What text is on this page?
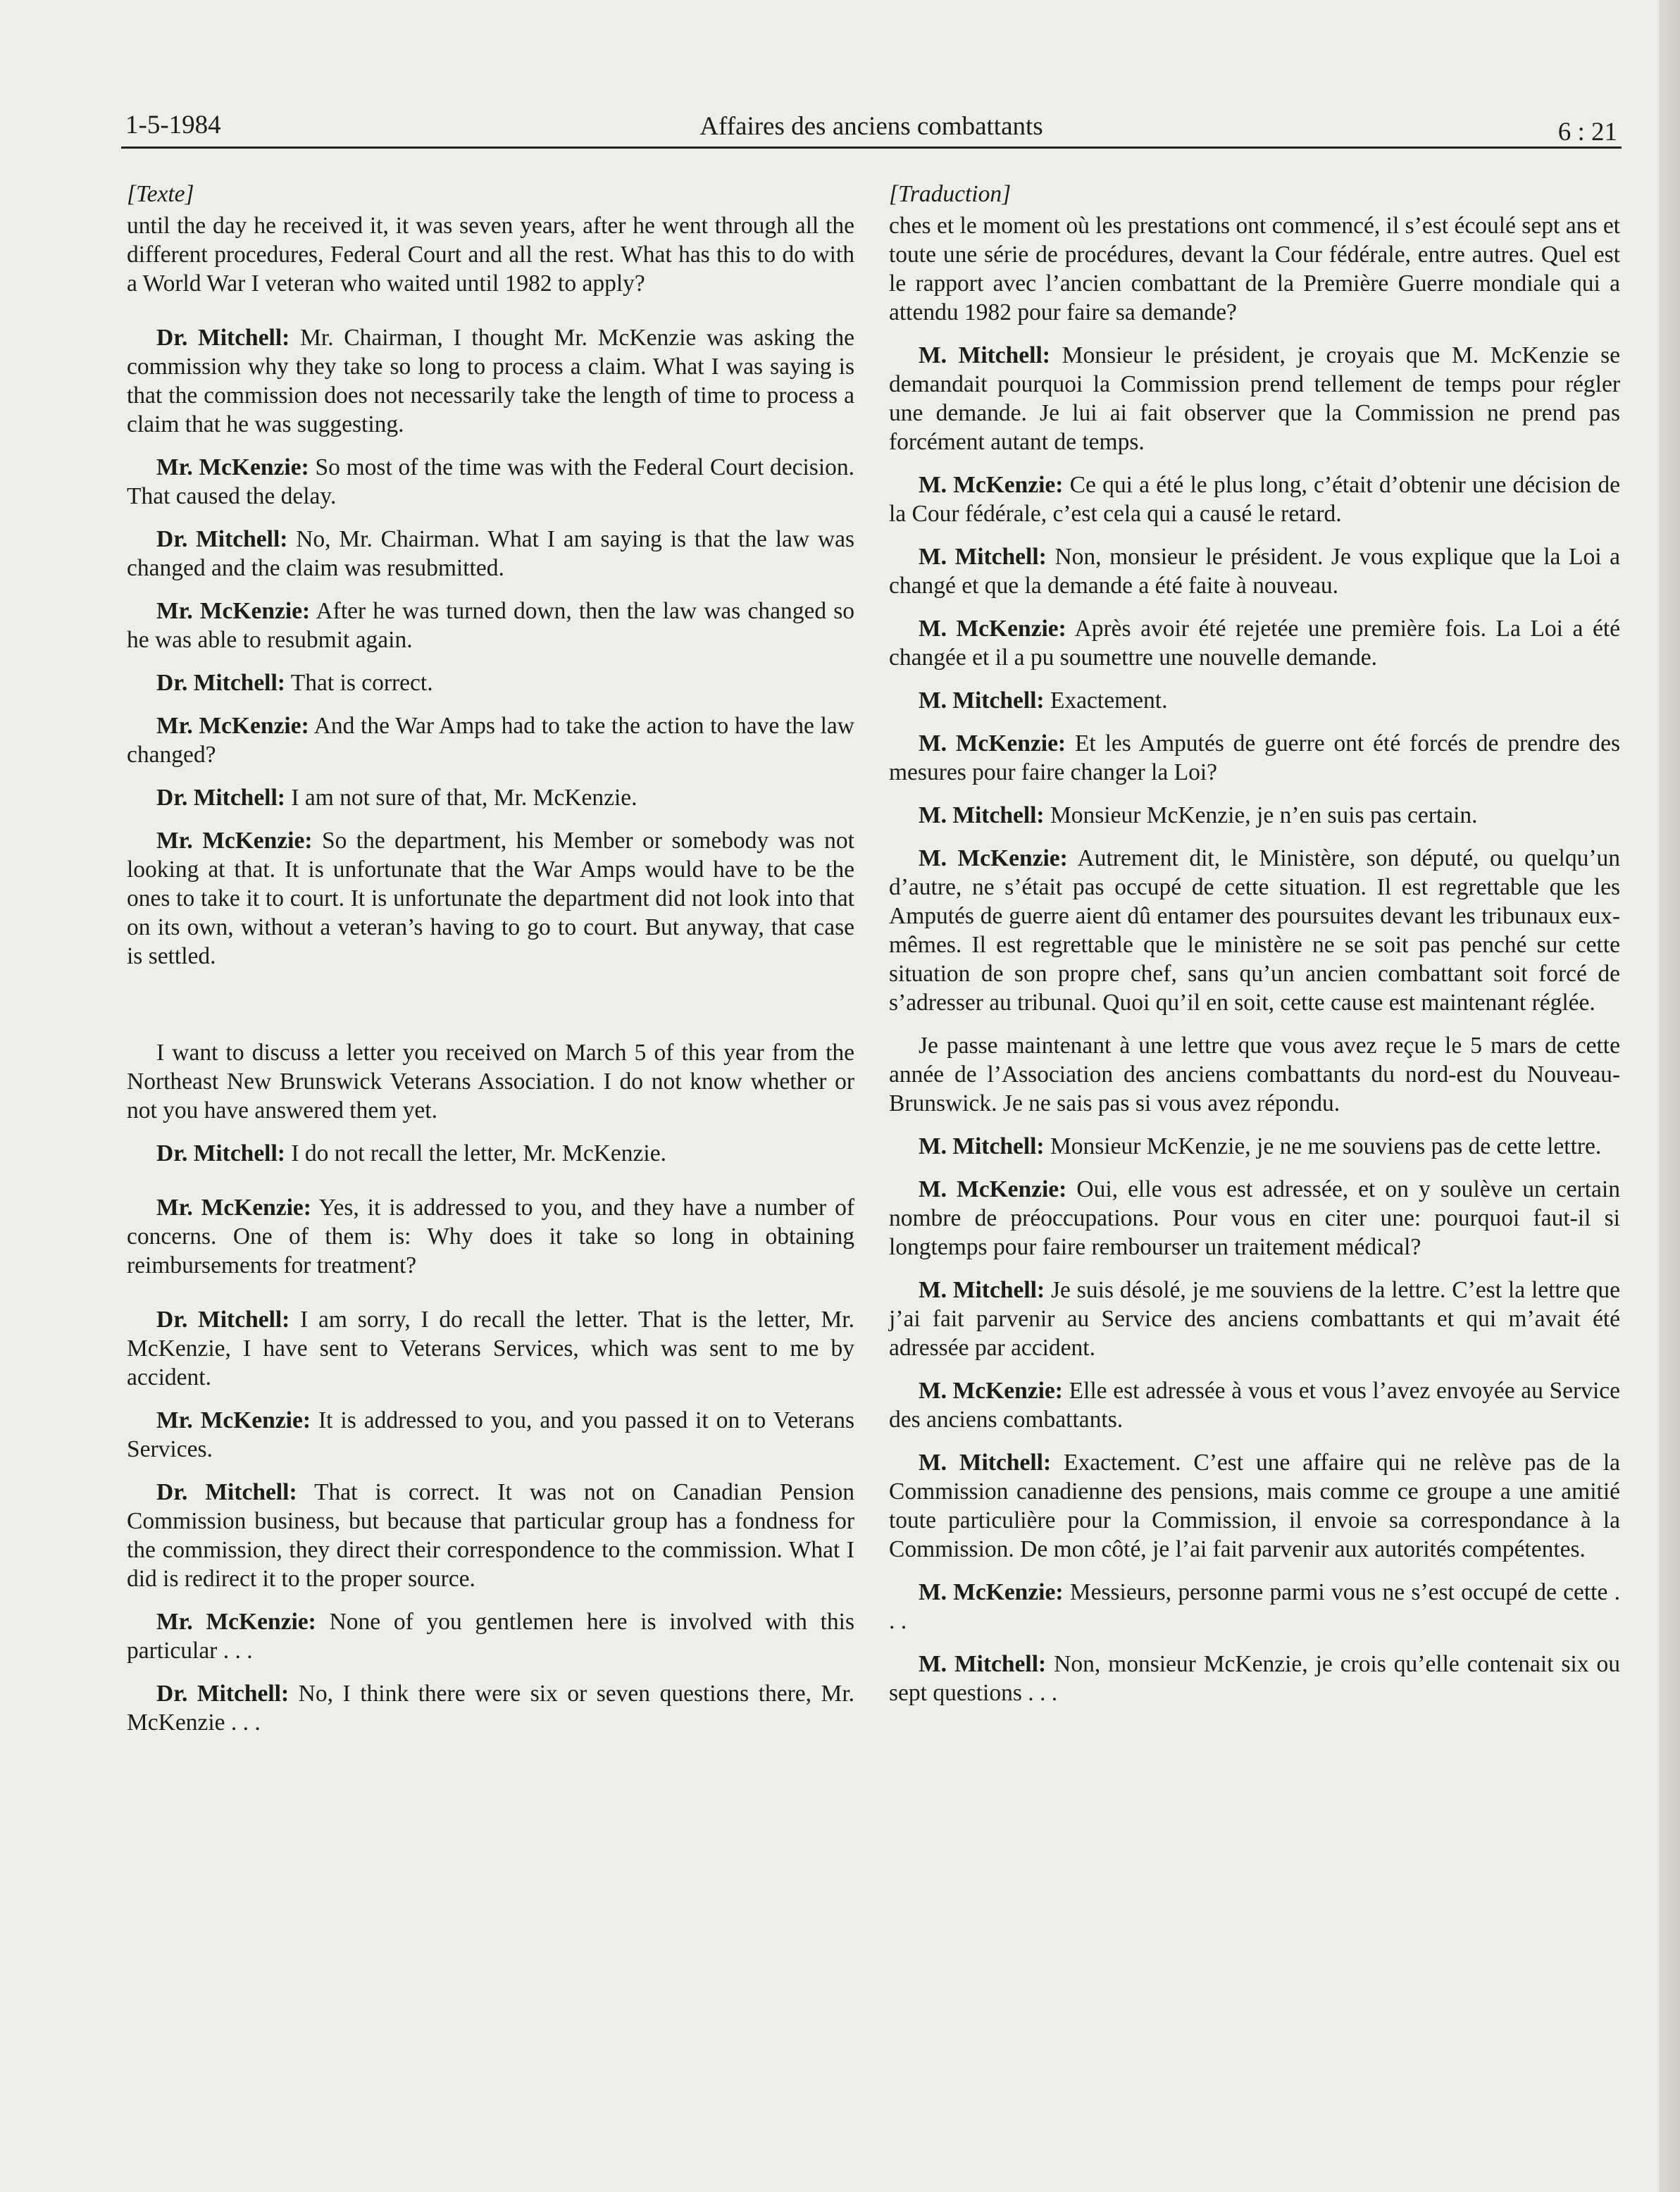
1-5-1984	Affaires des anciens combattants	6 : 21
[Texte]

until the day he received it, it was seven years, after he went through all the different procedures, Federal Court and all the rest. What has this to do with a World War I veteran who waited until 1982 to apply?

Dr. Mitchell: Mr. Chairman, I thought Mr. McKenzie was asking the commission why they take so long to process a claim. What I was saying is that the commission does not necessarily take the length of time to process a claim that he was suggesting.

Mr. McKenzie: So most of the time was with the Federal Court decision. That caused the delay.

Dr. Mitchell: No, Mr. Chairman. What I am saying is that the law was changed and the claim was resubmitted.

Mr. McKenzie: After he was turned down, then the law was changed so he was able to resubmit again.

Dr. Mitchell: That is correct.

Mr. McKenzie: And the War Amps had to take the action to have the law changed?

Dr. Mitchell: I am not sure of that, Mr. McKenzie.

Mr. McKenzie: So the department, his Member or somebody was not looking at that. It is unfortunate that the War Amps would have to be the ones to take it to court. It is unfortunate the department did not look into that on its own, without a veteran’s having to go to court. But anyway, that case is settled.

I want to discuss a letter you received on March 5 of this year from the Northeast New Brunswick Veterans Association. I do not know whether or not you have answered them yet.

Dr. Mitchell: I do not recall the letter, Mr. McKenzie.

Mr. McKenzie: Yes, it is addressed to you, and they have a number of concerns. One of them is: Why does it take so long in obtaining reimbursements for treatment?

Dr. Mitchell: I am sorry, I do recall the letter. That is the letter, Mr. McKenzie, I have sent to Veterans Services, which was sent to me by accident.

Mr. McKenzie: It is addressed to you, and you passed it on to Veterans Services.

Dr. Mitchell: That is correct. It was not on Canadian Pension Commission business, but because that particular group has a fondness for the commission, they direct their correspondence to the commission. What I did is redirect it to the proper source.

Mr. McKenzie: None of you gentlemen here is involved with this particular . . .

Dr. Mitchell: No, I think there were six or seven questions there, Mr. McKenzie . . .

[Traduction]

ches et le moment où les prestations ont commencé, il s’est écoulé sept ans et toute une série de procédures, devant la Cour fédérale, entre autres. Quel est le rapport avec l’ancien combattant de la Première Guerre mondiale qui a attendu 1982 pour faire sa demande?

M. Mitchell: Monsieur le président, je croyais que M. McKenzie se demandait pourquoi la Commission prend tellement de temps pour régler une demande. Je lui ai fait observer que la Commission ne prend pas forcément autant de temps.

M. McKenzie: Ce qui a été le plus long, c’était d’obtenir une décision de la Cour fédérale, c’est cela qui a causé le retard.

M. Mitchell: Non, monsieur le président. Je vous explique que la Loi a changé et que la demande a été faite à nouveau.

M. McKenzie: Après avoir été rejetée une première fois. La Loi a été changée et il a pu soumettre une nouvelle demande.

M. Mitchell: Exactement.

M. McKenzie: Et les Amputés de guerre ont été forcés de prendre des mesures pour faire changer la Loi?

M. Mitchell: Monsieur McKenzie, je n’en suis pas certain.

M. McKenzie: Autrement dit, le Ministère, son député, ou quelqu’un d’autre, ne s’était pas occupé de cette situation. Il est regrettable que les Amputés de guerre aient dû entamer des poursuites devant les tribunaux eux-mêmes. Il est regrettable que le ministère ne se soit pas penché sur cette situation de son propre chef, sans qu’un ancien combattant soit forcé de s’adresser au tribunal. Quoi qu’il en soit, cette cause est maintenant réglée.

Je passe maintenant à une lettre que vous avez reçue le 5 mars de cette année de l’Association des anciens combattants du nord-est du Nouveau-Brunswick. Je ne sais pas si vous avez répondu.

M. Mitchell: Monsieur McKenzie, je ne me souviens pas de cette lettre.

M. McKenzie: Oui, elle vous est adressée, et on y soulève un certain nombre de préoccupations. Pour vous en citer une: pourquoi faut-il si longtemps pour faire rembourser un traitement médical?

M. Mitchell: Je suis désolé, je me souviens de la lettre. C’est la lettre que j’ai fait parvenir au Service des anciens combattants et qui m’avait été adressée par accident.

M. McKenzie: Elle est adressée à vous et vous l’avez envoyée au Service des anciens combattants.

M. Mitchell: Exactement. C’est une affaire qui ne relève pas de la Commission canadienne des pensions, mais comme ce groupe a une amitié toute particulière pour la Commission, il envoie sa correspondance à la Commission. De mon côté, je l’ai fait parvenir aux autorités compétentes.

M. McKenzie: Messieurs, personne parmi vous ne s’est occupé de cette . . .

M. Mitchell: Non, monsieur McKenzie, je crois qu’elle contenait six ou sept questions . . .
